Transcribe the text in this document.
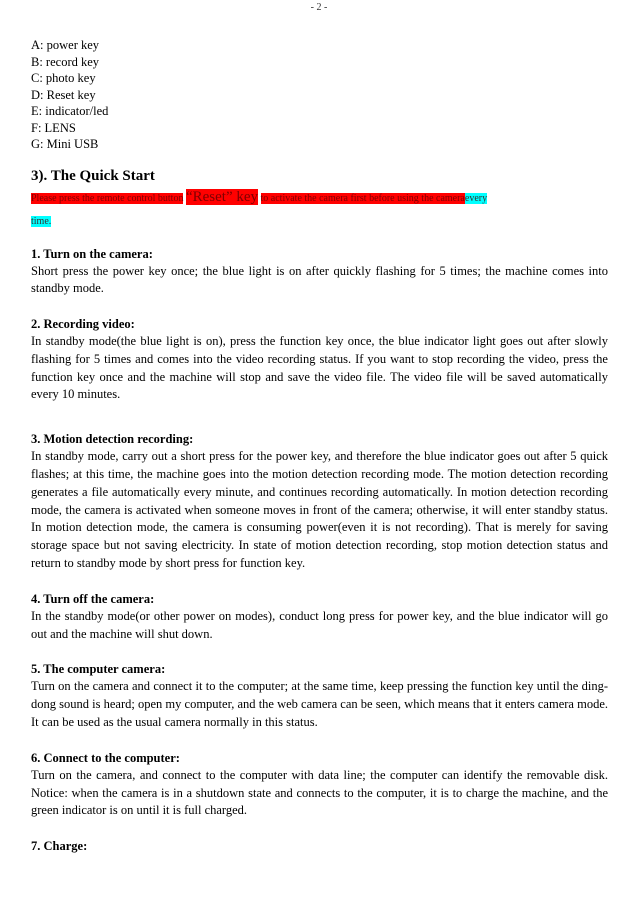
- 2 -
A: power key
B: record key
C: photo key
D: Reset key
E: indicator/led
F: LENS
G: Mini USB
3). The Quick Start
Please press the remote control button “Reset” key to activate the camera first before using the cameraevery
time.
1. Turn on the camera:

Short press the power key once; the blue light is on after quickly flashing for 5 times; the machine comes into standby mode.

2. Recording video:

In standby mode(the blue light is on), press the function key once, the blue indicator light goes out after slowly flashing for 5 times and comes into the video recording status. If you want to stop recording the video, press the function key once and the machine will stop and save the video file. The video file will be saved automatically every 10 minutes.

3. Motion detection recording:

In standby mode, carry out a short press for the power key, and therefore the blue indicator goes out after 5 quick flashes; at this time, the machine goes into the motion detection recording mode. The motion detection recording generates a file automatically every minute, and continues recording automatically. In motion detection recording mode, the camera is activated when someone moves in front of the camera; otherwise, it will enter standby status. In motion detection mode, the camera is consuming power(even it is not recording). That is merely for saving storage space but not saving electricity. In state of motion detection recording, stop motion detection status and return to standby mode by short press for function key.

4. Turn off the camera:

In the standby mode(or other power on modes), conduct long press for power key, and the blue indicator will go out and the machine will shut down.

5. The computer camera:

Turn on the camera and connect it to the computer; at the same time, keep pressing the function key until the ding-dong sound is heard; open my computer, and the web camera can be seen, which means that it enters camera mode. It can be used as the usual camera normally in this status.

6. Connect to the computer:

Turn on the camera, and connect to the computer with data line; the computer can identify the removable disk. Notice: when the camera is in a shutdown state and connects to the computer, it is to charge the machine, and the green indicator is on until it is full charged.

7. Charge:
